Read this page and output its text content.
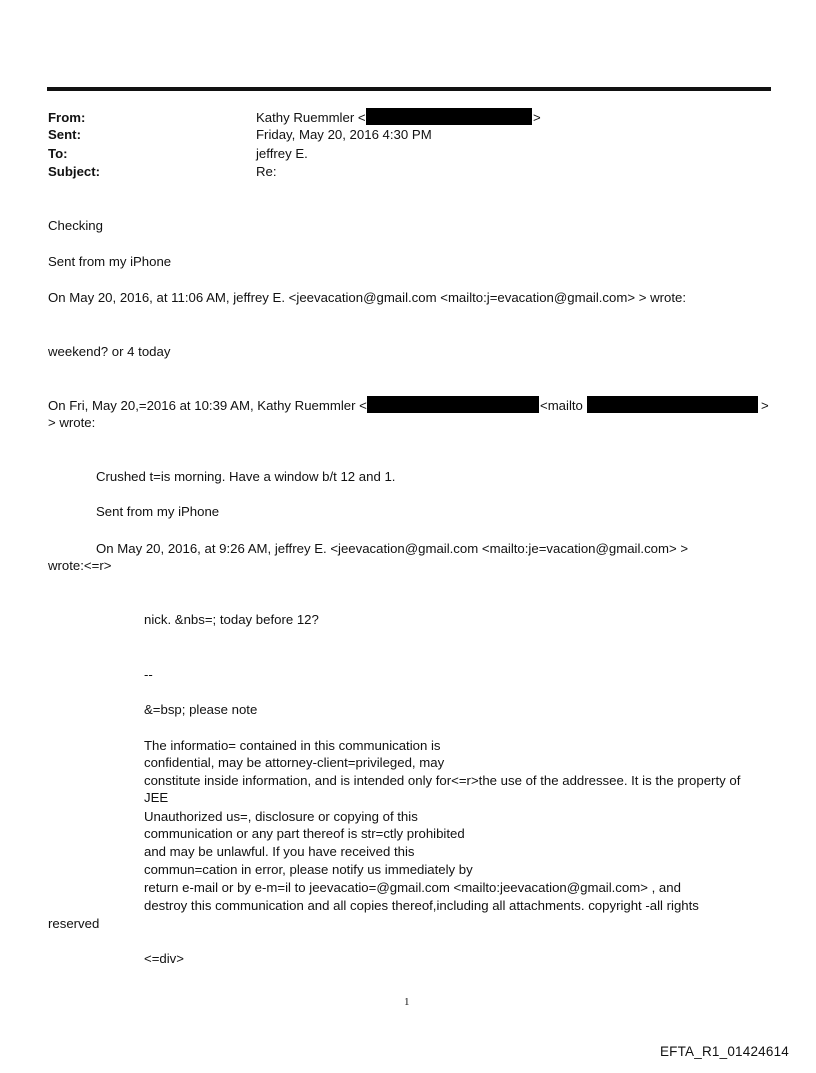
From:	Kathy Ruemmler <	>
Sent:	Friday, May 20, 2016 4:30 PM
To:	jeffrey E.
Subject:	Re:
Checking
Sent from my iPhone
On May 20, 2016, at 11:06 AM, jeffrey E. <jeevacation@gmail.com <mailto:j=evacation@gmail.com> > wrote:
weekend? or 4 today
On Fri, May 20,=2016 at 10:39 AM, Kathy Ruemmler <	<mailto	>
> wrote:
Crushed t=is morning. Have a window b/t 12 and 1.
Sent from my iPhone
On May 20, 2016, at 9:26 AM, jeffrey E. <jeevacation@gmail.com <mailto:je=vacation@gmail.com> >
wrote:<=r>
nick. &nbs=; today before 12?
--
&=bsp; please note
The informatio= contained in this communication is
confidential, may be attorney-client=privileged, may
constitute inside information, and is intended only for<=r>the use of the addressee. It is the property of
JEE
Unauthorized us=, disclosure or copying of this
communication or any part thereof is str=ctly prohibited
and may be unlawful. If you have received this
commun=cation in error, please notify us immediately by
return e-mail or by e-m=il to jeevacatio=@gmail.com <mailto:jeevacation@gmail.com> , and
destroy this communication and all copies thereof,including all attachments. copyright -all rights
reserved
<=div>
1
EFTA_R1_01424614
